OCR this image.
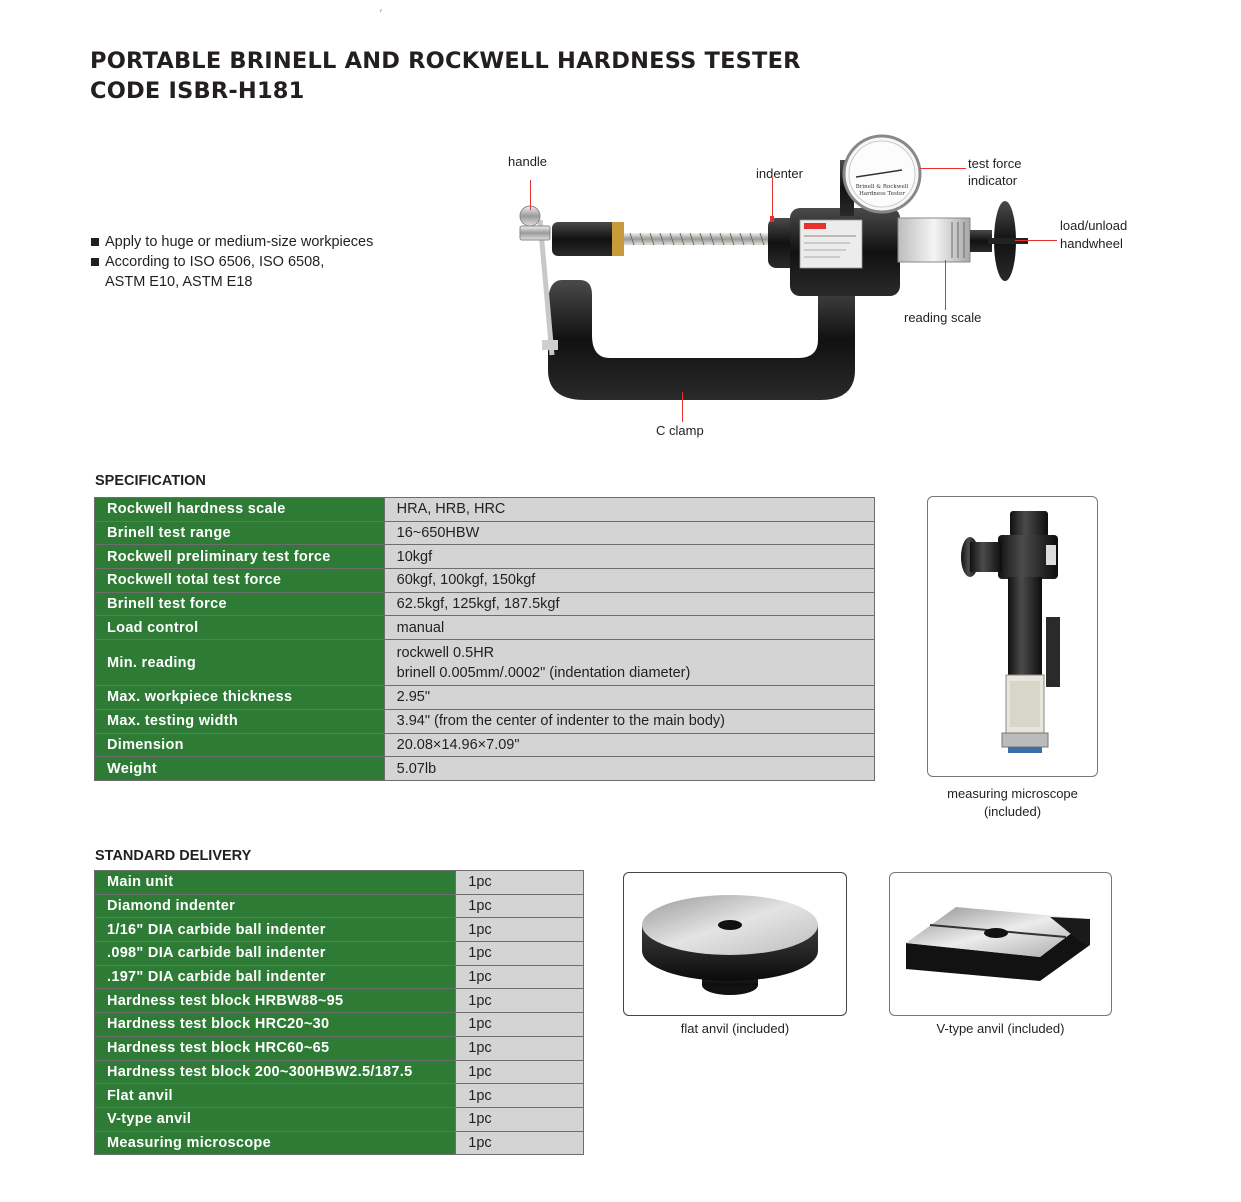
′
PORTABLE BRINELL AND ROCKWELL HARDNESS TESTER
CODE ISBR-H181
Apply to huge or medium-size workpieces
According to ISO 6506, ISO 6508,
ASTM E10, ASTM E18
Brinell & Rockwell
Hardness Tester
handle
indenter
test force
indicator
load/unload
handwheel
reading scale
C clamp
SPECIFICATION
Rockwell hardness scale	HRA, HRB, HRC
Brinell test range	16~650HBW
Rockwell preliminary test force	10kgf
Rockwell total test force	60kgf, 100kgf, 150kgf
Brinell test force	62.5kgf, 125kgf, 187.5kgf
Load control	manual
Min. reading	rockwell 0.5HR
brinell 0.005mm/.0002" (indentation diameter)

Max. workpiece thickness	2.95"
Max. testing width	3.94" (from the center of indenter to the main body)
Dimension	20.08×14.96×7.09"
Weight	5.07lb
measuring microscope
(included)
STANDARD DELIVERY
Main unit	1pc
Diamond indenter	1pc
1/16" DIA carbide ball indenter	1pc
.098" DIA carbide ball indenter	1pc
.197" DIA carbide ball indenter	1pc
Hardness test block HRBW88~95	1pc
Hardness test block HRC20~30	1pc
Hardness test block HRC60~65	1pc
Hardness test block 200~300HBW2.5/187.5	1pc
Flat anvil	1pc
V-type anvil	1pc
Measuring microscope	1pc
flat anvil (included)	V-type anvil (included)
